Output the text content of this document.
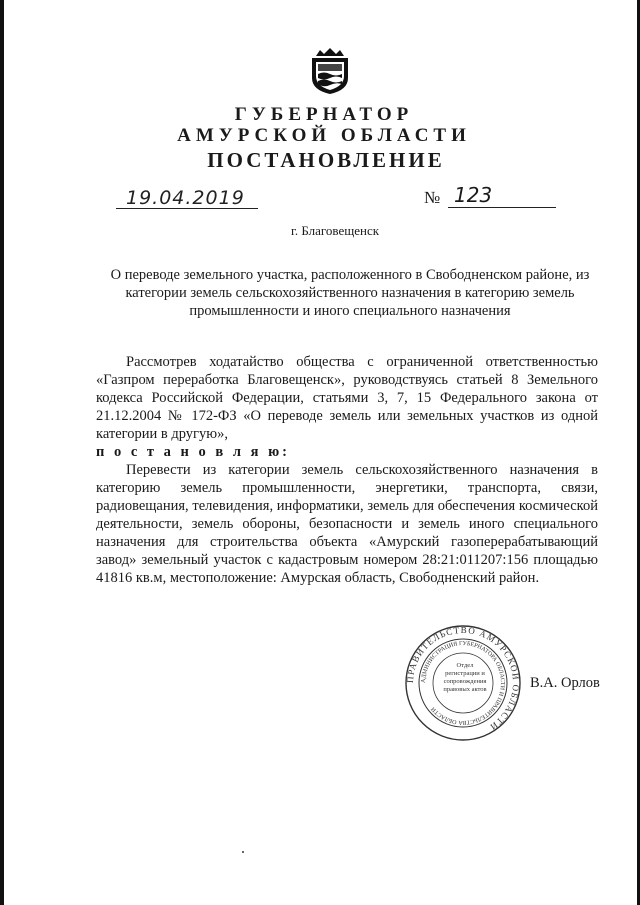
ГУБЕРНАТОР
АМУРСКОЙ ОБЛАСТИ
ПОСТАНОВЛЕНИЕ
19.04.2019	№ 123
г. Благовещенск
О переводе земельного участка, расположенного в Свободненском районе, из категории земель сельскохозяйственного назначения в категорию земель промышленности и иного специального назначения

Рассмотрев ходатайство общества с ограниченной ответственностью «Газпром переработка Благовещенск», руководствуясь статьей 8 Земельного кодекса Российской Федерации, статьями 3, 7, 15 Федерального закона от 21.12.2004 № 172-ФЗ «О переводе земель или земельных участков из одной категории в другую»,

п о с т а н о в л я ю:

Перевести из категории земель сельскохозяйственного назначения в категорию земель промышленности, энергетики, транспорта, связи, радиовещания, телевидения, информатики, земель для обеспечения космической деятельности, земель обороны, безопасности и земель иного специального назначения для строительства объекта «Амурский газоперерабатывающий завод» земельный участок с кадастровым номером 28:21:011207:156 площадью 41816 кв.м, местоположение: Амурская область, Свободненский район.

ПРАВИТЕЛЬСТВО АМУРСКОЙ ОБЛАСТИ
АДМИНИСТРАЦИЯ ГУБЕРНАТОРА ОБЛАСТИ И ПРАВИТЕЛЬСТВА ОБЛАСТИ
Отдел регистрации и сопровождения правовых актов	В.А. Орлов
